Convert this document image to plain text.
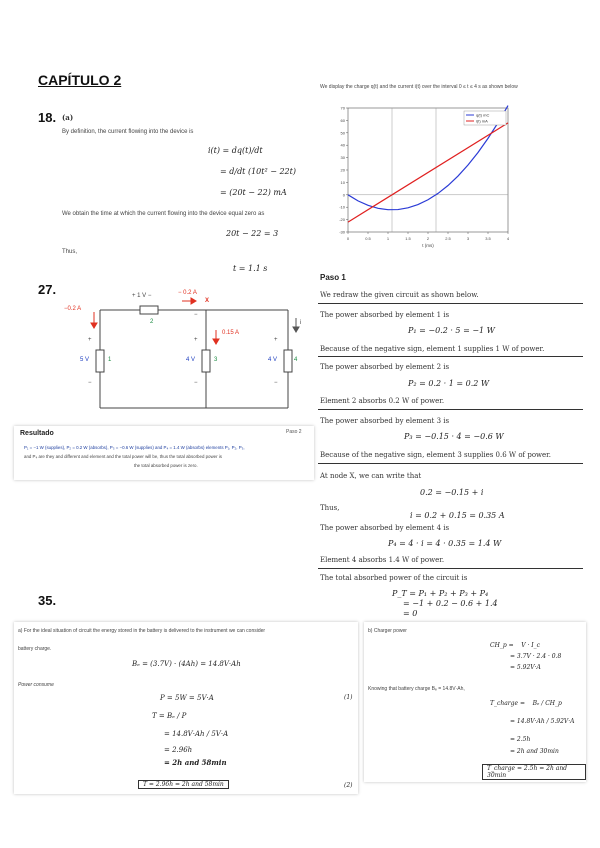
CAPÍTULO 2
18. (a)
By definition, the current flowing into the device is
i(t) = dq(t)/dt
= d/dt (10t² − 22t)
= (20t − 22) mA
We obtain the time at which the current flowing into the device equal zero as
20t − 22 = 3
Thus,
t = 1.1 s
We display the charge q(t) and the current i(t) over the interval 0 ≤ t ≤ 4 s as shown below
0	0.5	1	1.5	2	2.5	3	3.5	4
-30
-20
-10
0
10
20
30
40
50
60
70
q(t) mC
i(t) mA
t (ms)
27.
−0.2 A
+ 1 V −	− 0.2 A
X
2
0.15 A
i
+
5 V	1
−
+
4 V	3
−
+
4 V	4
−
−
Resultado	Paso 2
P₁ = −1 W (supplies), P₂ = 0.2 W (absorbs), P₃ = −0.6 W (supplies) and P₄ = 1.4 W (absorbs) elements P₁, P₂, P₃,
and P₄ are they and different and element and the total power will be, thus the total absorbed power is
the total absorbed power is zero.
Paso 1
We redraw the given circuit as shown below.
The power absorbed by element 1 is
P₁ = −0.2 · 5 = −1 W
Because of the negative sign, element 1 supplies 1 W of power.
The power absorbed by element 2 is
P₂ = 0.2 · 1 = 0.2 W
Element 2 absorbs 0.2 W of power.
The power absorbed by element 3 is
P₃ = −0.15 · 4 = −0.6 W
Because of the negative sign, element 3 supplies 0.6 W of power.
At node X, we can write that
0.2 = −0.15 + i
Thus,
i = 0.2 + 0.15 = 0.35 A
The power absorbed by element 4 is
P₄ = 4 · i = 4 · 0.35 = 1.4 W
Element 4 absorbs 1.4 W of power.
The total absorbed power of the circuit is
P_T = P₁ + P₂ + P₃ + P₄
= −1 + 0.2 − 0.6 + 1.4
= 0
35.
a) For the ideal situation of circuit the energy stored in the battery is delivered to the instrument we can consider
battery charge.
Bₑ = (3.7V) · (4Ah) = 14.8V·Ah
Power consume
P = 5W = 5V·A	(1)
T = Bₑ / P
= 14.8V·Ah / 5V·A
= 2.96h
= 2h and 58min
T = 2.96h = 2h and 58min	(2)
b) Charger power
CH_p =    V · I_c
= 3.7V · 2.4 · 0.8
= 5.92V·A
Knowing that battery charge Bₑ = 14.8V·Ah,
T_charge =    Bₑ / CH_p
= 14.8V·Ah / 5.92V·A
= 2.5h
= 2h and 30min
T_charge = 2.5h = 2h and 30min
